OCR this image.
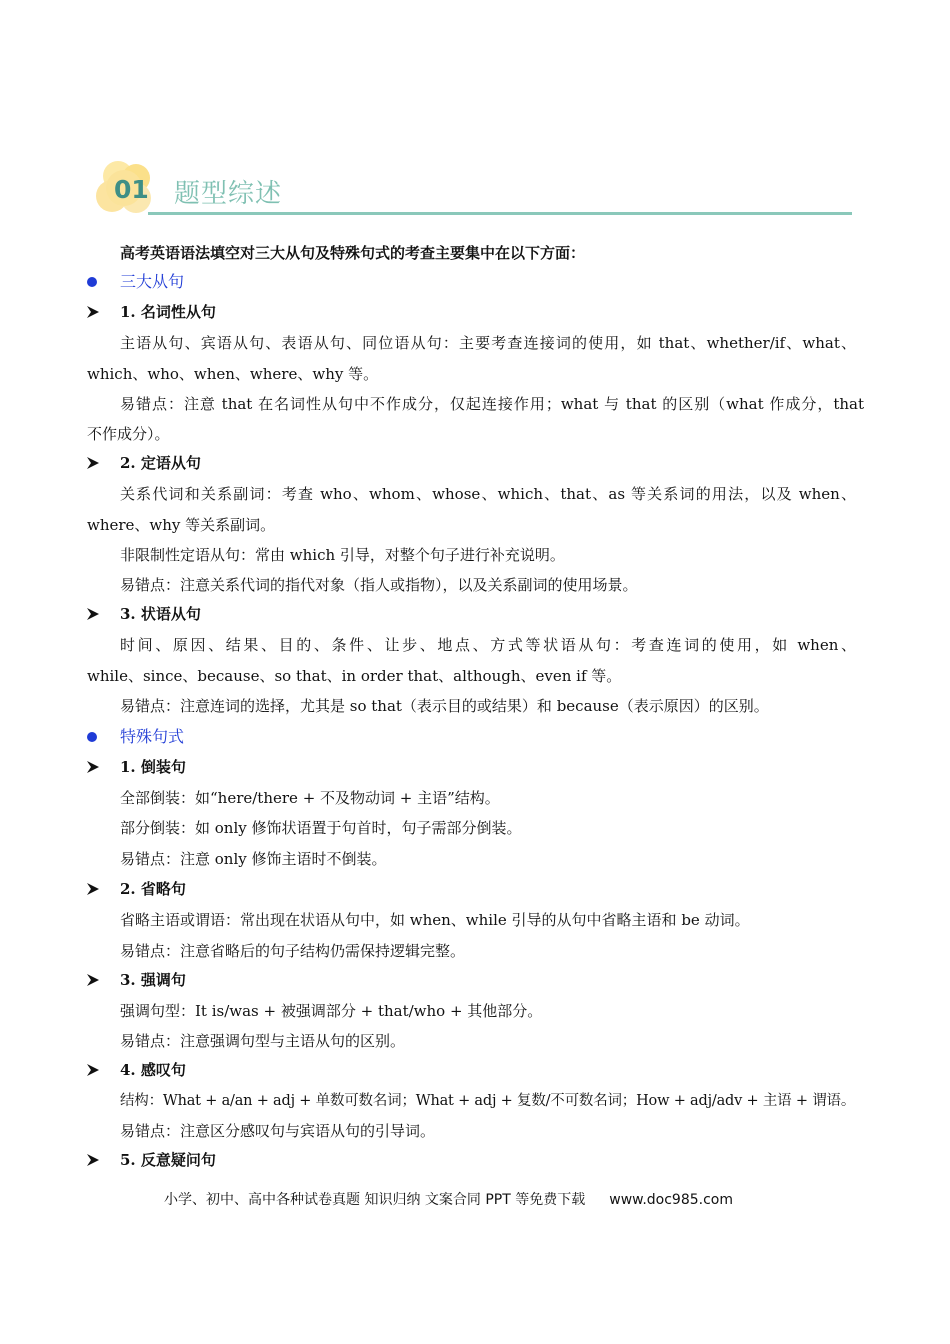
01 题型综述
高考英语语法填空对三大从句及特殊句式的考查主要集中在以下方面：
三大从句
1. 名词性从句
主语从句、宾语从句、表语从句、同位语从句：主要考查连接词的使用，如 that、whether/if、what、
which、who、when、where、why 等。
易错点：注意 that 在名词性从句中不作成分，仅起连接作用；what 与 that 的区别（what 作成分，that
不作成分）。
2. 定语从句
关系代词和关系副词：考查 who、whom、whose、which、that、as 等关系词的用法，以及 when、
where、why 等关系副词。
非限制性定语从句：常由 which 引导，对整个句子进行补充说明。
易错点：注意关系代词的指代对象（指人或指物），以及关系副词的使用场景。
3. 状语从句
时间、原因、结果、目的、条件、让步、地点、方式等状语从句：考查连词的使用，如 when、
while、since、because、so that、in order that、although、even if 等。
易错点：注意连词的选择，尤其是 so that（表示目的或结果）和 because（表示原因）的区别。
特殊句式
1. 倒装句
全部倒装：如“here/there + 不及物动词 + 主语”结构。
部分倒装：如 only 修饰状语置于句首时，句子需部分倒装。
易错点：注意 only 修饰主语时不倒装。
2. 省略句
省略主语或谓语：常出现在状语从句中，如 when、while 引导的从句中省略主语和 be 动词。
易错点：注意省略后的句子结构仍需保持逻辑完整。
3. 强调句
强调句型：It is/was + 被强调部分 + that/who + 其他部分。
易错点：注意强调句型与主语从句的区别。
4. 感叹句
结构：What + a/an + adj + 单数可数名词；What + adj + 复数/不可数名词；How + adj/adv + 主语 + 谓语。
易错点：注意区分感叹句与宾语从句的引导词。
5. 反意疑问句
小学、初中、高中各种试卷真题 知识归纳 文案合同 PPT 等免费下载 www.doc985.com
